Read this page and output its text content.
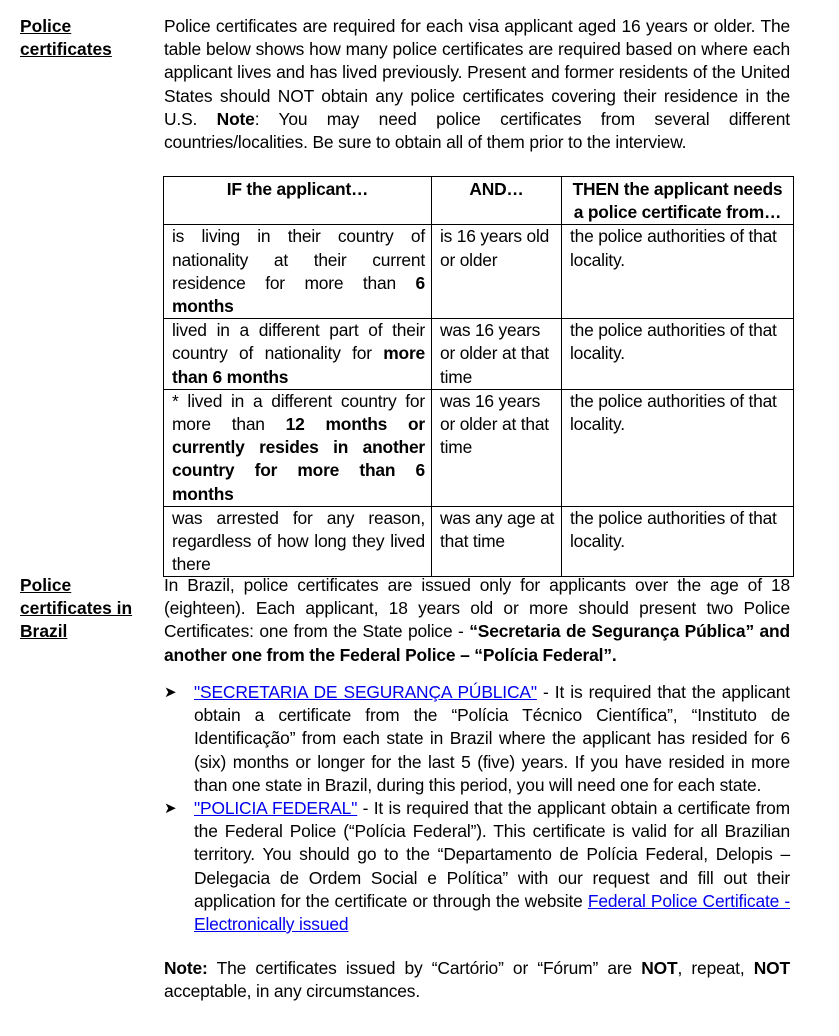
Police
certificates
Police certificates are required for each visa applicant aged 16 years or older. The table below shows how many police certificates are required based on where each applicant lives and has lived previously. Present and former residents of the United States should NOT obtain any police certificates covering their residence in the U.S. Note: You may need police certificates from several different countries/localities. Be sure to obtain all of them prior to the interview.
IF the applicant…	AND…	THEN the applicant needs a police certificate from…
is living in their country of nationality at their current residence for more than 6 months	is 16 years old or older	the police authorities of that locality.
lived in a different part of their country of nationality for more than 6 months	was 16 years or older at that time	the police authorities of that locality.
* lived in a different country for more than 12 months or currently resides in another country for more than 6 months	was 16 years or older at that time	the police authorities of that locality.
was arrested for any reason, regardless of how long they lived there	was any age at that time	the police authorities of that locality.
Police
certificates in
Brazil
In Brazil, police certificates are issued only for applicants over the age of 18 (eighteen). Each applicant, 18 years old or more should present two Police Certificates: one from the State police - “Secretaria de Segurança Pública” and another one from the Federal Police – “Polícia Federal”.
➤ "SECRETARIA DE SEGURANÇA PÚBLICA" - It is required that the applicant obtain a certificate from the “Polícia Técnico Científica”, “Instituto de Identificação” from each state in Brazil where the applicant has resided for 6 (six) months or longer for the last 5 (five) years. If you have resided in more than one state in Brazil, during this period, you will need one for each state.
➤ "POLICIA FEDERAL" - It is required that the applicant obtain a certificate from the Federal Police (“Polícia Federal”). This certificate is valid for all Brazilian territory. You should go to the “Departamento de Polícia Federal, Delopis – Delegacia de Ordem Social e Política” with our request and fill out their application for the certificate or through the website Federal Police Certificate - Electronically issued
Note: The certificates issued by “Cartório” or “Fórum” are NOT, repeat, NOT acceptable, in any circumstances.
